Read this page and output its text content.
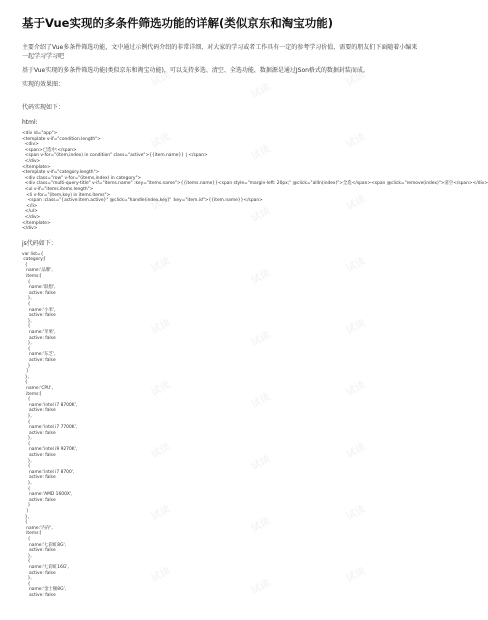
基于Vue实现的多条件筛选功能的详解(类似京东和淘宝功能)
主要介绍了Vue多条件筛选功能，文中通过示例代码介绍的非常详细，对大家的学习或者工作具有一定的参考学习价值，需要的朋友们下面随着小编来一起学习学习吧
基于Vue实现的多条件筛选功能(类似京东和淘宝功能)，可以支持多选、清空、全选功能，数据源是通过JSon格式的数据封装而成。
实现的效果图：
代码实现如下：
html:
<div id="app">
<template v-if="condition.length">
<div>
<span>已选中:</span>
<span v-for="(item,index) in condition" class="active">{{item.name}} | </span>
</div>
</template>
<template v-if="category.length">
<div class="row" v-for="(items,index) in category">
<div class="multi-query-title" v-if="items.name" :key="items.name">{{items.name}}<span style="margin-left: 20px;" @click="allIn(index)">全选</span><span @click="remove(index)">清空</span></div>
<ul v-if="items.items.length">
<li v-for="(item,key) in items.items">
<span :class="{active:item.active}" @click="handle(index,key)" :key="item.id">{{item.name}}</span>
</li>
</ul>
</div>
</template>
</div>
js代码如下：
var list={
category:[
{
name:'品牌',
items:[
{
name:'联想',
active: false
},
{
name:'小米',
active: false
},
{
name:'苹果',
active: false
},
{
name:'东芝',
active: false
}
]
},
{
name:'CPU',
items:[
{
name:'intel i7 8700K',
active: false
},
{
name:'intel i7 7700K',
active: false
},
{
name:'intel i9 9270K',
active: false
},
{
name:'intel i7 8700',
active: false
},
{
name:'AMD 1600X',
active: false
}
]
},
{
name:'内存',
items:[
{
name:'七彩虹8G',
active: false
},
{
name:'七彩虹16G',
active: false
},
{
name:'金士顿8G',
active: false
试读
试读
试读
试读
试读
试读
试读
试读
试读
试读
试读
试读
试读
试读
试读
试读
试读
试读
试读
试读
试读
试读
试读
试读
试读
试读
试读
